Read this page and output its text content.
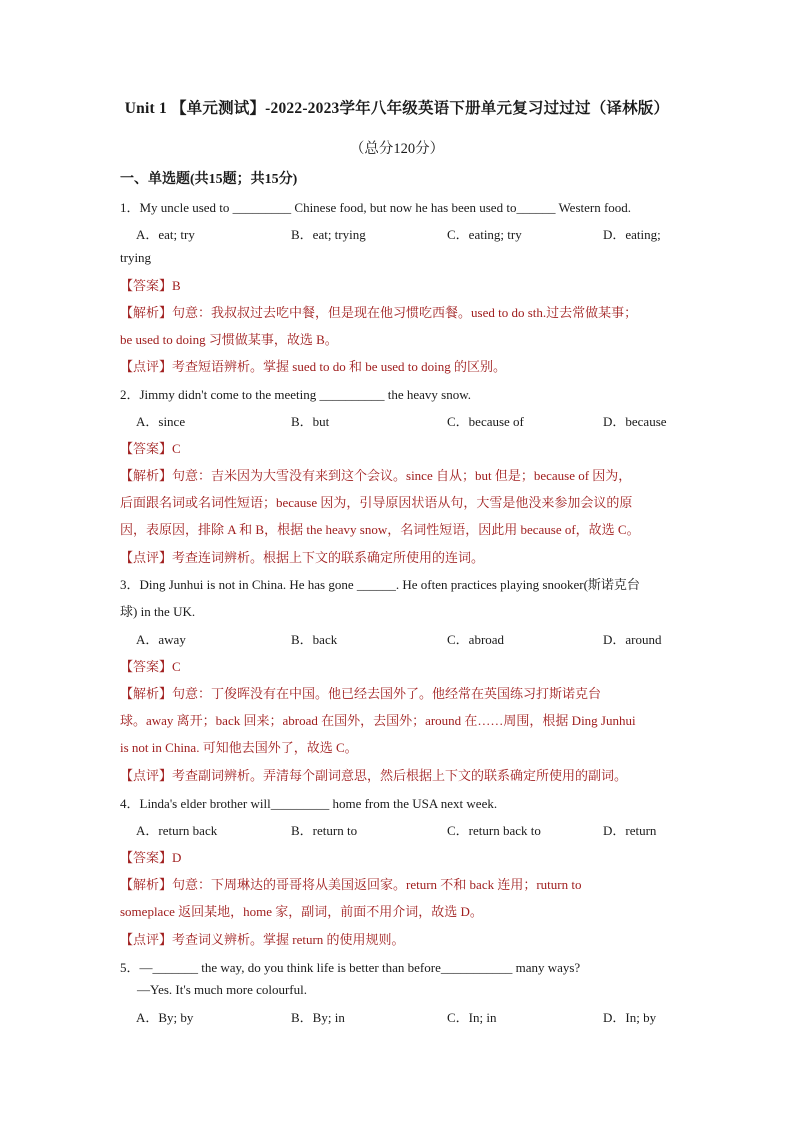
Unit 1 【单元测试】-2022-2023学年八年级英语下册单元复习过过过（译林版）
（总分120分）
一、单选题(共15题；共15分)
1．My uncle used to _________ Chinese food, but now he has been used to______ Western food.
A．eat; try	B．eat; trying	C．eating; try	D．eating;
trying
【答案】B
【解析】句意：我叔叔过去吃中餐，但是现在他习惯吃西餐。used to do sth.过去常做某事；
be used to doing 习惯做某事，故选 B。
【点评】考查短语辨析。掌握 sued to do 和 be used to doing 的区别。
2．Jimmy didn't come to the meeting __________ the heavy snow.
A．since	B．but	C．because of	D．because
【答案】C
【解析】句意：吉米因为大雪没有来到这个会议。since 自从；but 但是；because of 因为，
后面跟名词或名词性短语；because 因为，引导原因状语从句，大雪是他没来参加会议的原
因，表原因，排除 A 和 B，根据 the heavy snow，名词性短语，因此用 because of，故选 C。
【点评】考查连词辨析。根据上下文的联系确定所使用的连词。
3．Ding Junhui is not in China. He has gone ______. He often practices playing snooker(斯诺克台
球) in the UK.
A．away	B．back	C．abroad	D．around
【答案】C
【解析】句意：丁俊晖没有在中国。他已经去国外了。他经常在英国练习打斯诺克台
球。away 离开；back 回来；abroad 在国外，去国外；around 在……周围，根据 Ding Junhui
is not in China. 可知他去国外了，故选 C。
【点评】考查副词辨析。弄清每个副词意思，然后根据上下文的联系确定所使用的副词。
4．Linda's elder brother will_________ home from the USA next week.
A．return back	B．return to	C．return back to	D．return
【答案】D
【解析】句意：下周琳达的哥哥将从美国返回家。return 不和 back 连用；ruturn to
someplace 返回某地，home 家，副词，前面不用介词，故选 D。
【点评】考查词义辨析。掌握 return 的使用规则。
5．—_______ the way, do you think life is better than before___________ many ways?
—Yes. It's much more colourful.
A．By; by	B．By; in	C．In; in	D．In; by
